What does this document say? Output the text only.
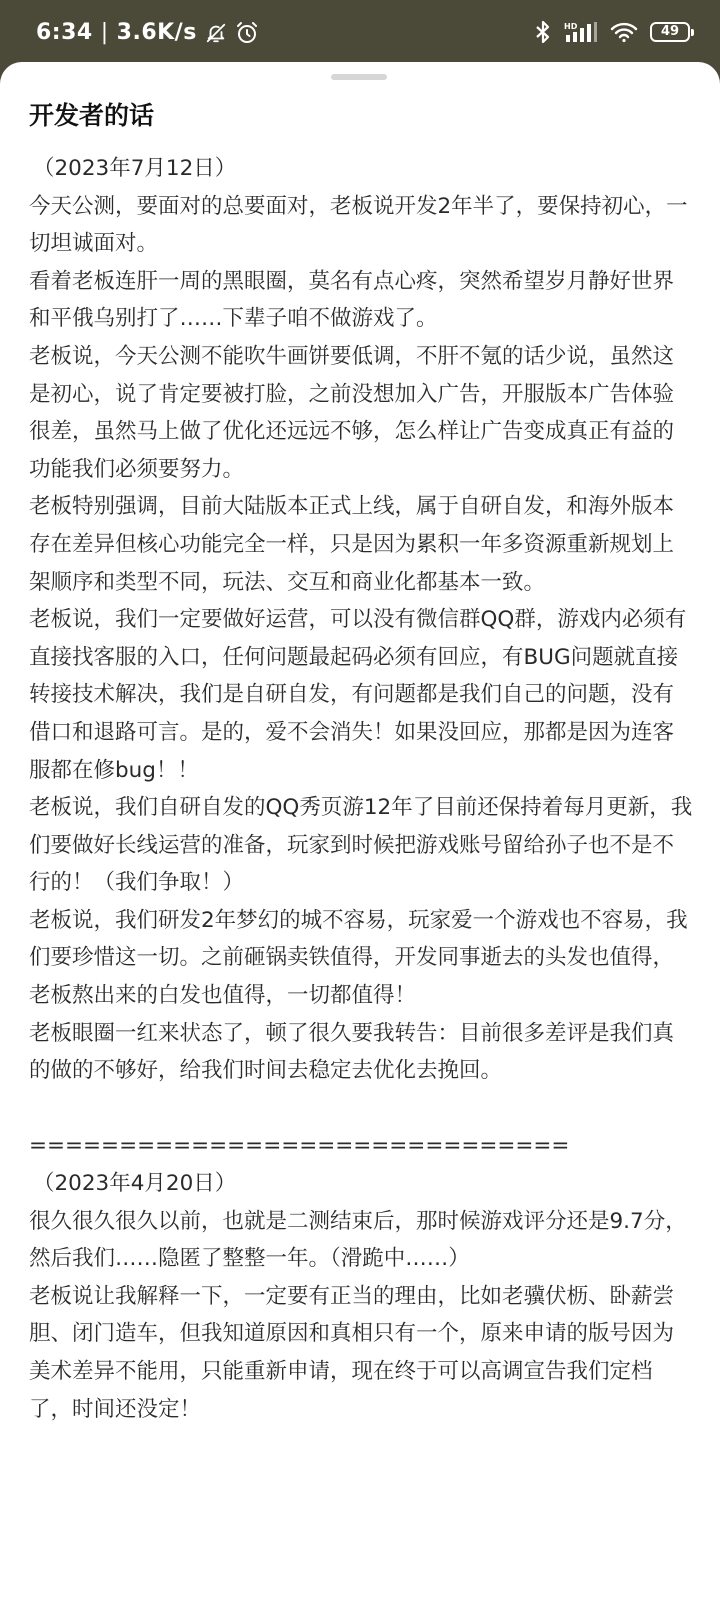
6:34 | 3.6K/s	HD	49
开发者的话

（2023年7月12日）

今天公测，要面对的总要面对，老板说开发2年半了，要保持初心，一切坦诚面对。

看着老板连肝一周的黑眼圈，莫名有点心疼，突然希望岁月静好世界和平俄乌别打了……下辈子咱不做游戏了。

老板说，今天公测不能吹牛画饼要低调，不肝不氪的话少说，虽然这是初心，说了肯定要被打脸，之前没想加入广告，开服版本广告体验很差，虽然马上做了优化还远远不够，怎么样让广告变成真正有益的功能我们必须要努力。

老板特别强调，目前大陆版本正式上线，属于自研自发，和海外版本存在差异但核心功能完全一样，只是因为累积一年多资源重新规划上架顺序和类型不同，玩法、交互和商业化都基本一致。

老板说，我们一定要做好运营，可以没有微信群QQ群，游戏内必须有直接找客服的入口，任何问题最起码必须有回应，有BUG问题就直接转接技术解决，我们是自研自发，有问题都是我们自己的问题，没有借口和退路可言。是的，爱不会消失！如果没回应，那都是因为连客服都在修bug！！

老板说，我们自研自发的QQ秀页游12年了目前还保持着每月更新，我们要做好长线运营的准备，玩家到时候把游戏账号留给孙子也不是不行的！（我们争取！）

老板说，我们研发2年梦幻的城不容易，玩家爱一个游戏也不容易，我们要珍惜这一切。之前砸锅卖铁值得，开发同事逝去的头发也值得，老板熬出来的白发也值得，一切都值得！

老板眼圈一红来状态了，顿了很久要我转告：目前很多差评是我们真的做的不够好，给我们时间去稳定去优化去挽回。

==============================

（2023年4月20日）

很久很久很久以前，也就是二测结束后，那时候游戏评分还是9.7分，然后我们……隐匿了整整一年。（滑跪中……）

老板说让我解释一下，一定要有正当的理由，比如老骥伏枥、卧薪尝胆、闭门造车，但我知道原因和真相只有一个，原来申请的版号因为美术差异不能用，只能重新申请，现在终于可以高调宣告我们定档了，时间还没定！
